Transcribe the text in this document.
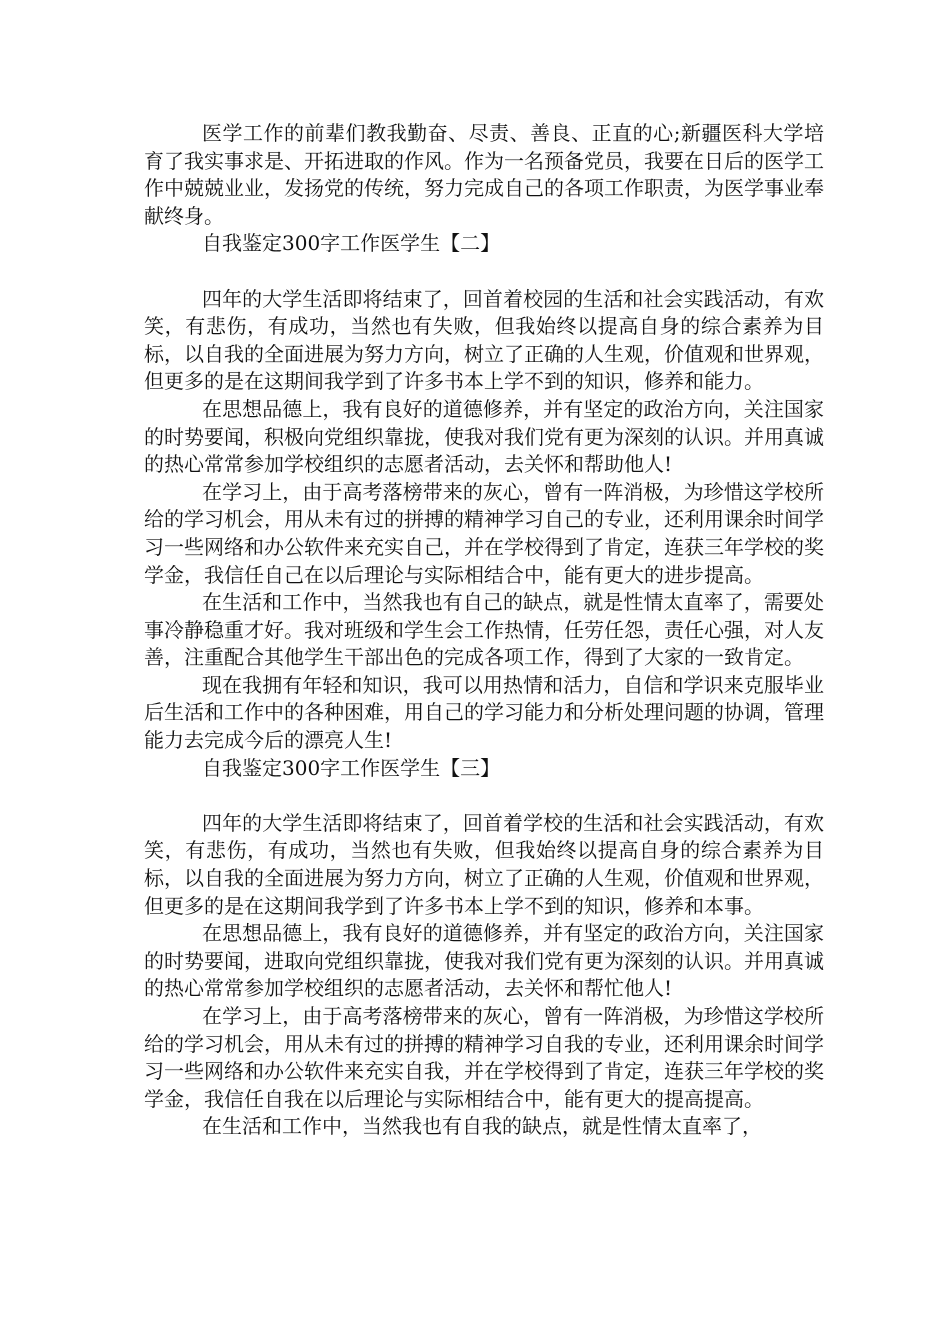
医学工作的前辈们教我勤奋、尽责、善良、正直的心;新疆医科大学培育了我实事求是、开拓进取的作风。作为一名预备党员，我要在日后的医学工作中兢兢业业，发扬党的传统，努力完成自己的各项工作职责，为医学事业奉献终身。

自我鉴定300字工作医学生【二】

四年的大学生活即将结束了，回首着校园的生活和社会实践活动，有欢笑，有悲伤，有成功，当然也有失败，但我始终以提高自身的综合素养为目标，以自我的全面进展为努力方向，树立了正确的人生观，价值观和世界观，但更多的是在这期间我学到了许多书本上学不到的知识，修养和能力。

在思想品德上，我有良好的道德修养，并有坚定的政治方向，关注国家的时势要闻，积极向党组织靠拢，使我对我们党有更为深刻的认识。并用真诚的热心常常参加学校组织的志愿者活动，去关怀和帮助他人!

在学习上，由于高考落榜带来的灰心，曾有一阵消极，为珍惜这学校所给的学习机会，用从未有过的拼搏的精神学习自己的专业，还利用课余时间学习一些网络和办公软件来充实自己，并在学校得到了肯定，连获三年学校的奖学金，我信任自己在以后理论与实际相结合中，能有更大的进步提高。

在生活和工作中，当然我也有自己的缺点，就是性情太直率了，需要处事冷静稳重才好。我对班级和学生会工作热情，任劳任怨，责任心强，对人友善，注重配合其他学生干部出色的完成各项工作，得到了大家的一致肯定。

现在我拥有年轻和知识，我可以用热情和活力，自信和学识来克服毕业后生活和工作中的各种困难，用自己的学习能力和分析处理问题的协调，管理能力去完成今后的漂亮人生!

自我鉴定300字工作医学生【三】

四年的大学生活即将结束了，回首着学校的生活和社会实践活动，有欢笑，有悲伤，有成功，当然也有失败，但我始终以提高自身的综合素养为目标，以自我的全面进展为努力方向，树立了正确的人生观，价值观和世界观，但更多的是在这期间我学到了许多书本上学不到的知识，修养和本事。

在思想品德上，我有良好的道德修养，并有坚定的政治方向，关注国家的时势要闻，进取向党组织靠拢，使我对我们党有更为深刻的认识。并用真诚的热心常常参加学校组织的志愿者活动，去关怀和帮忙他人!

在学习上，由于高考落榜带来的灰心，曾有一阵消极，为珍惜这学校所给的学习机会，用从未有过的拼搏的精神学习自我的专业，还利用课余时间学习一些网络和办公软件来充实自我，并在学校得到了肯定，连获三年学校的奖学金，我信任自我在以后理论与实际相结合中，能有更大的提高提高。

在生活和工作中，当然我也有自我的缺点，就是性情太直率了，
